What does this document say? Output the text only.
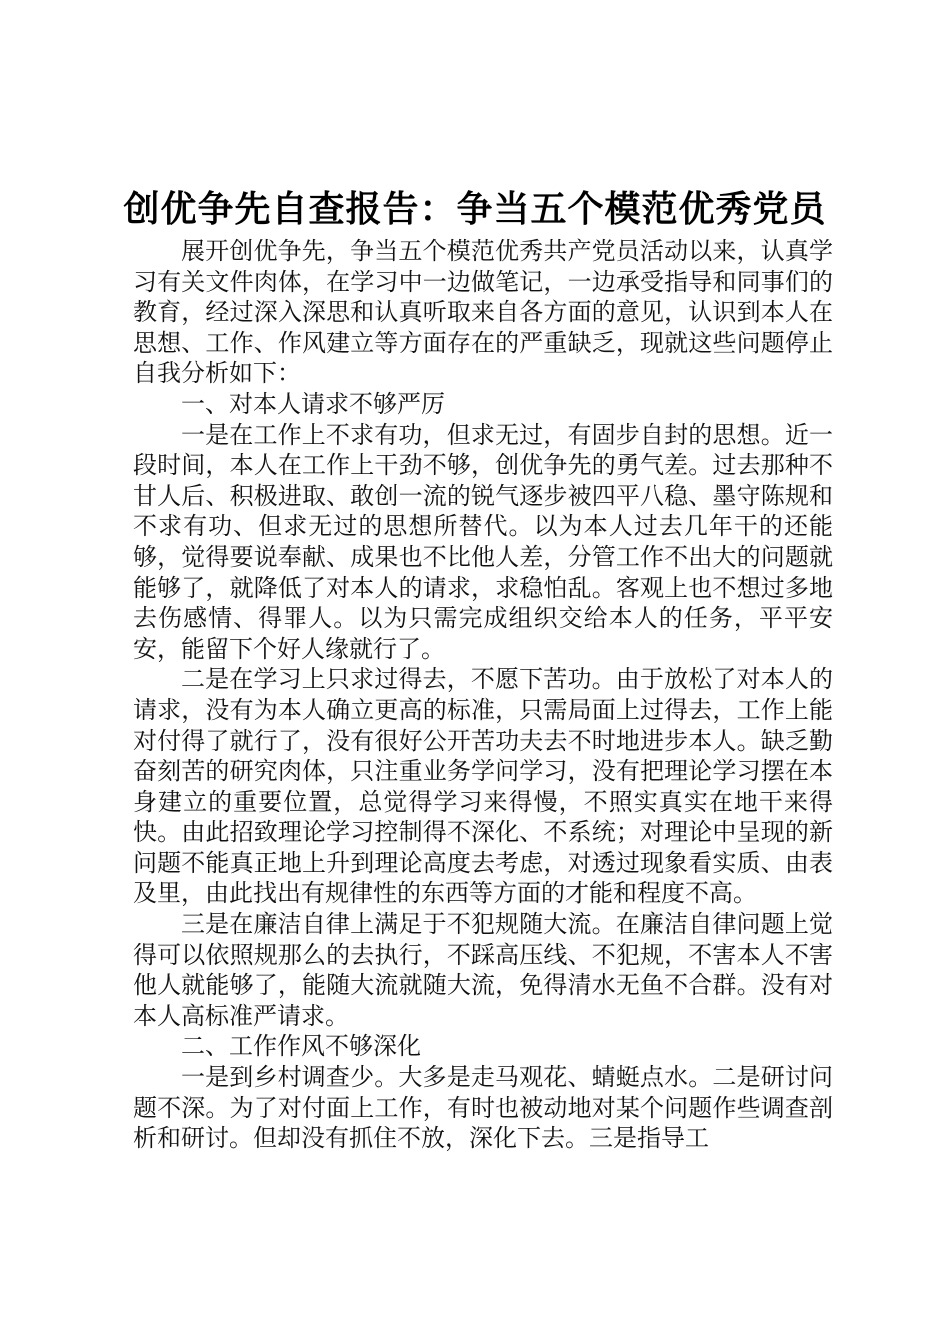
创优争先自查报告：争当五个模范优秀党员

展开创优争先，争当五个模范优秀共产党员活动以来，认真学习有关文件肉体，在学习中一边做笔记，一边承受指导和同事们的教育，经过深入深思和认真听取来自各方面的意见，认识到本人在思想、工作、作风建立等方面存在的严重缺乏，现就这些问题停止自我分析如下：

一、对本人请求不够严厉

一是在工作上不求有功，但求无过，有固步自封的思想。近一段时间，本人在工作上干劲不够，创优争先的勇气差。过去那种不甘人后、积极进取、敢创一流的锐气逐步被四平八稳、墨守陈规和不求有功、但求无过的思想所替代。以为本人过去几年干的还能够，觉得要说奉献、成果也不比他人差，分管工作不出大的问题就能够了，就降低了对本人的请求，求稳怕乱。客观上也不想过多地去伤感情、得罪人。以为只需完成组织交给本人的任务，平平安安，能留下个好人缘就行了。

二是在学习上只求过得去，不愿下苦功。由于放松了对本人的请求，没有为本人确立更高的标准，只需局面上过得去，工作上能对付得了就行了，没有很好公开苦功夫去不时地进步本人。缺乏勤奋刻苦的研究肉体，只注重业务学问学习，没有把理论学习摆在本身建立的重要位置，总觉得学习来得慢，不照实真实在地干来得快。由此招致理论学习控制得不深化、不系统；对理论中呈现的新问题不能真正地上升到理论高度去考虑，对透过现象看实质、由表及里，由此找出有规律性的东西等方面的才能和程度不高。

三是在廉洁自律上满足于不犯规随大流。在廉洁自律问题上觉得可以依照规那么的去执行，不踩高压线、不犯规，不害本人不害他人就能够了，能随大流就随大流，免得清水无鱼不合群。没有对本人高标准严请求。

二、工作作风不够深化

一是到乡村调查少。大多是走马观花、蜻蜓点水。二是研讨问题不深。为了对付面上工作，有时也被动地对某个问题作些调查剖析和研讨。但却没有抓住不放，深化下去。三是指导工
